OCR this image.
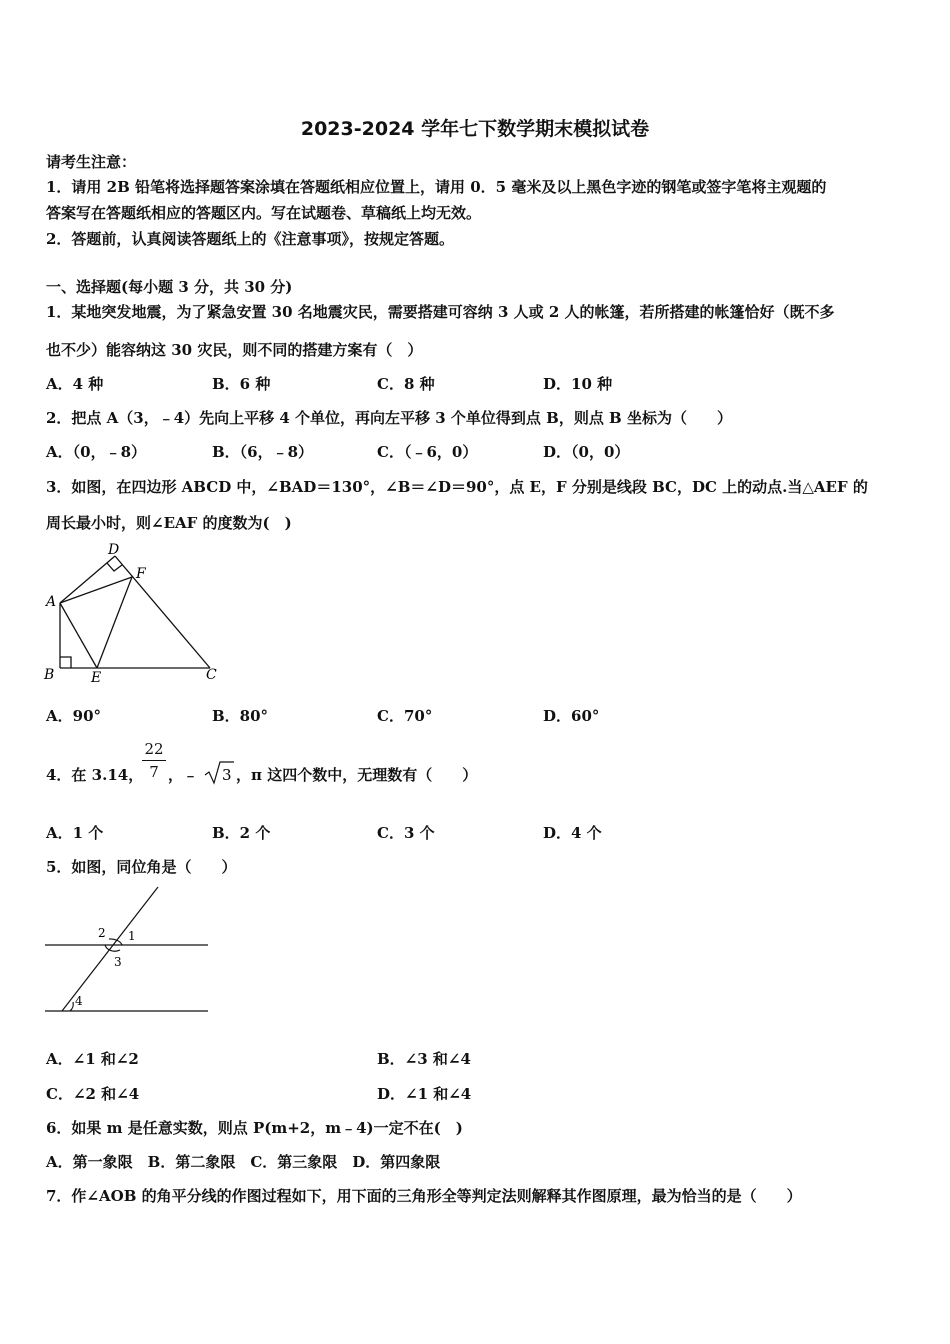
2023-2024 学年七下数学期末模拟试卷
请考生注意：
1．请用 2B 铅笔将选择题答案涂填在答题纸相应位置上，请用 0．5 毫米及以上黑色字迹的钢笔或签字笔将主观题的
答案写在答题纸相应的答题区内。写在试题卷、草稿纸上均无效。
2．答题前，认真阅读答题纸上的《注意事项》，按规定答题。
一、选择题(每小题 3 分，共 30 分)
1．某地突发地震，为了紧急安置 30 名地震灾民，需要搭建可容纳 3 人或 2 人的帐篷，若所搭建的帐篷恰好（既不多
也不少）能容纳这 30 灾民，则不同的搭建方案有（　）
A．4 种	B．6 种	C．8 种	D．10 种
2．把点 A（3，﹣4）先向上平移 4 个单位，再向左平移 3 个单位得到点 B，则点 B 坐标为（　　）
A．（0，﹣8）	B．（6，﹣8）	C．（﹣6，0）	D．（0，0）
3．如图，在四边形 ABCD 中，∠BAD＝130°，∠B＝∠D＝90°，点 E，F 分别是线段 BC，DC 上的动点.当△AEF 的
周长最小时，则∠EAF 的度数为(　)
A
B	C
D
E
F
A．90°	B．80°	C．70°	D．60°
4．在 3.14，
22
7 ，﹣ 3 ，π 这四个数中，无理数有（　　）
A．1 个	B．2 个	C．3 个	D．4 个
5．如图，同位角是（　　）
1
2
3
4
A．∠1 和∠2	B．∠3 和∠4
C．∠2 和∠4	D．∠1 和∠4
6．如果 m 是任意实数，则点 P(m+2，m﹣4)一定不在(　)
A．第一象限　B．第二象限　C．第三象限　D．第四象限
7．作∠AOB 的角平分线的作图过程如下，用下面的三角形全等判定法则解释其作图原理，最为恰当的是（　　）
